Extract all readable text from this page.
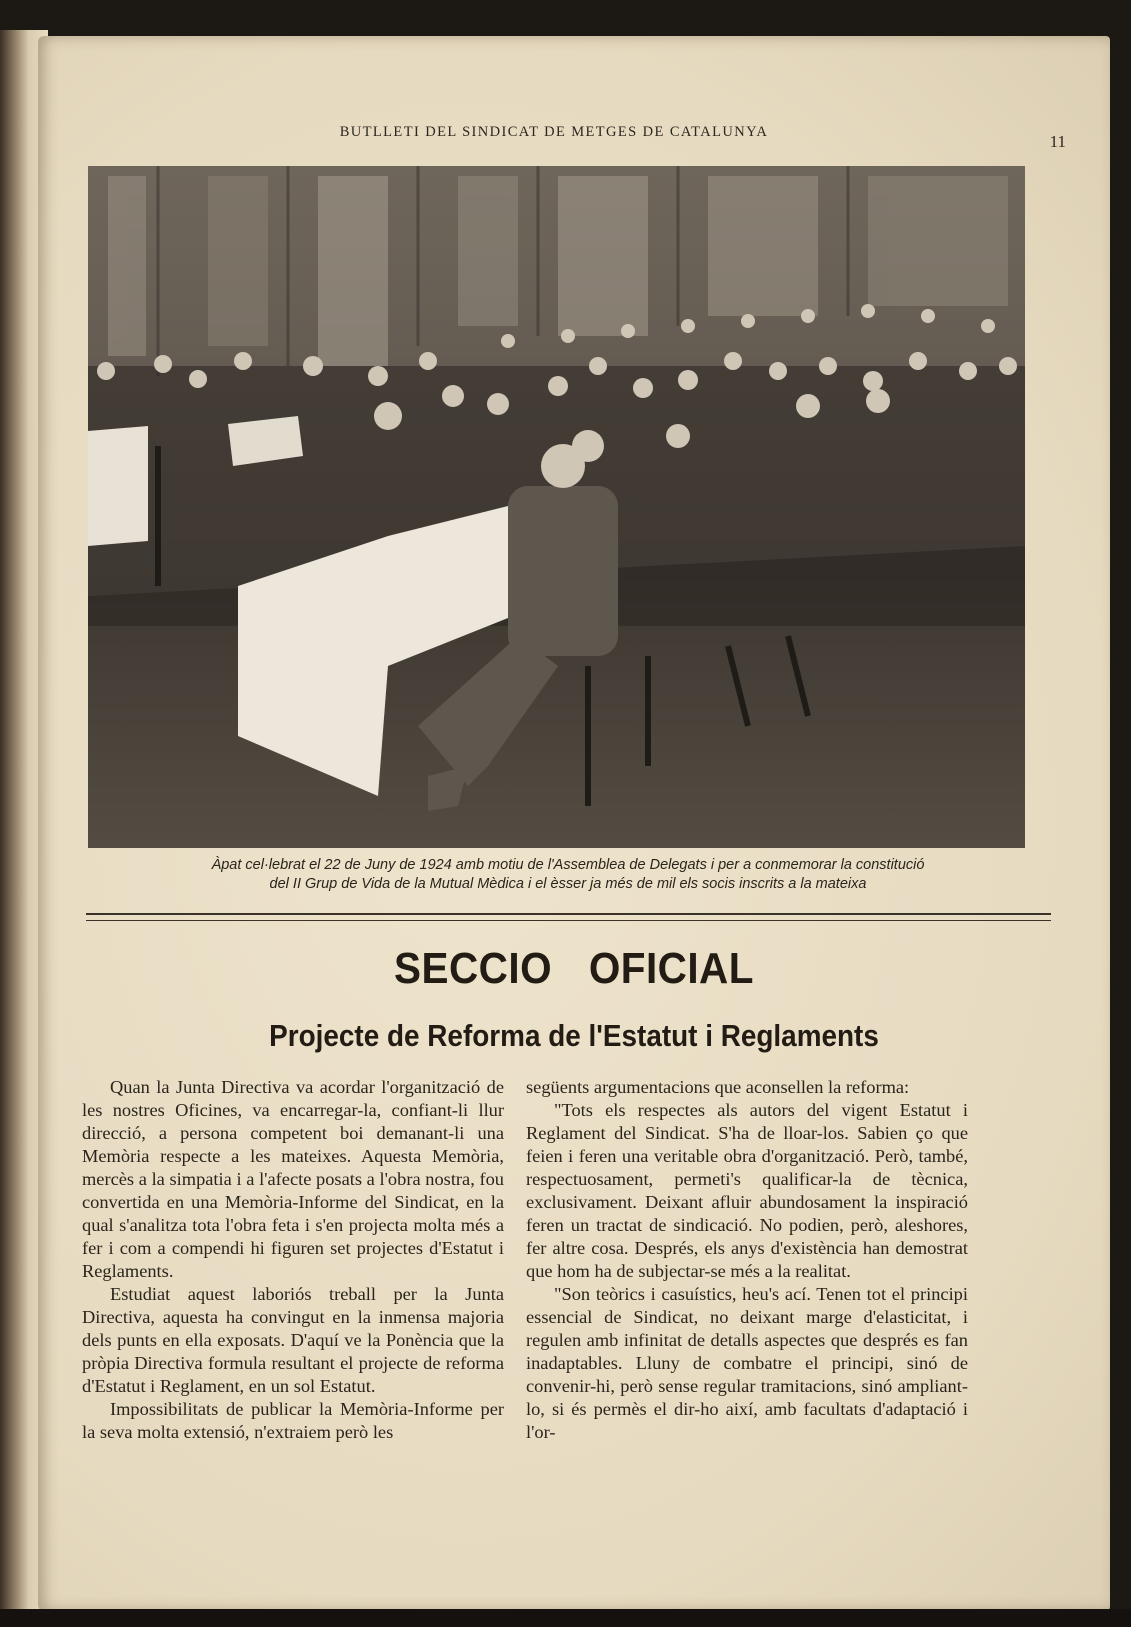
BUTLLETI DEL SINDICAT DE METGES DE CATALUNYA	11
Àpat cel·lebrat el 22 de Juny de 1924 amb motiu de l'Assemblea de Delegats i per a conmemorar la constitució
del II Grup de Vida de la Mutual Mèdica i el èsser ja més de mil els socis inscrits a la mateixa
SECCIO OFICIAL
Projecte de Reforma de l'Estatut i Reglaments

Quan la Junta Directiva va acordar l'organització de les nostres Oficines, va encarregar-la, confiant-li llur direcció, a persona competent boi demanant-li una Memòria respecte a les mateixes. Aquesta Memòria, mercès a la simpatia i a l'afecte posats a l'obra nostra, fou convertida en una Memòria-Informe del Sindicat, en la qual s'analitza tota l'obra feta i s'en projecta molta més a fer i com a compendi hi figuren set projectes d'Estatut i Reglaments.

Estudiat aquest laboriós treball per la Junta Directiva, aquesta ha convingut en la inmensa majoria dels punts en ella exposats. D'aquí ve la Ponència que la pròpia Directiva formula resultant el projecte de reforma d'Estatut i Reglament, en un sol Estatut.

Impossibilitats de publicar la Memòria-Informe per la seva molta extensió, n'extraiem però les

següents argumentacions que aconsellen la reforma:

"Tots els respectes als autors del vigent Estatut i Reglament del Sindicat. S'ha de lloar-los. Sabien ço que feien i feren una veritable obra d'organització. Però, també, respectuosament, permeti's qualificar-la de tècnica, exclusivament. Deixant afluir abundosament la inspiració feren un tractat de sindicació. No podien, però, aleshores, fer altre cosa. Després, els anys d'existència han demostrat que hom ha de subjectar-se més a la realitat.

"Son teòrics i casuístics, heu's ací. Tenen tot el principi essencial de Sindicat, no deixant marge d'elasticitat, i regulen amb infinitat de detalls aspectes que després es fan inadaptables. Lluny de combatre el principi, sinó de convenir-hi, però sense regular tramitacions, sinó ampliant-lo, si és permès el dir-ho així, amb facultats d'adaptació i l'or-
